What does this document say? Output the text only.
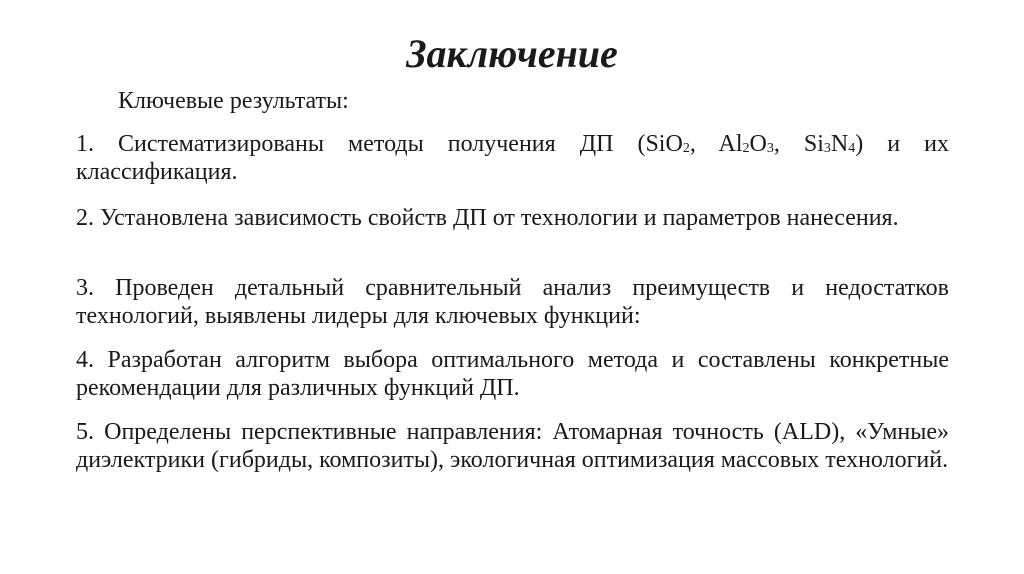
Заключение
Ключевые результаты:
1. Систематизированы методы получения ДП (SiO$_2$, $Al_2O_3$, $Si_3N_4$) и их классификация.
2. Установлена зависимость свойств ДП от технологии и параметров нанесения.
3. Проведен детальный сравнительный анализ преимуществ и недостатков технологий, выявлены лидеры для ключевых функций:
4. Разработан алгоритм выбора оптимального метода и составлены конкретные рекомендации для различных функций ДП.
5. Определены перспективные направления: Атомарная точность (ALD), «Умные» диэлектрики (гибриды, композиты), экологичная оптимизация массовых технологий.
